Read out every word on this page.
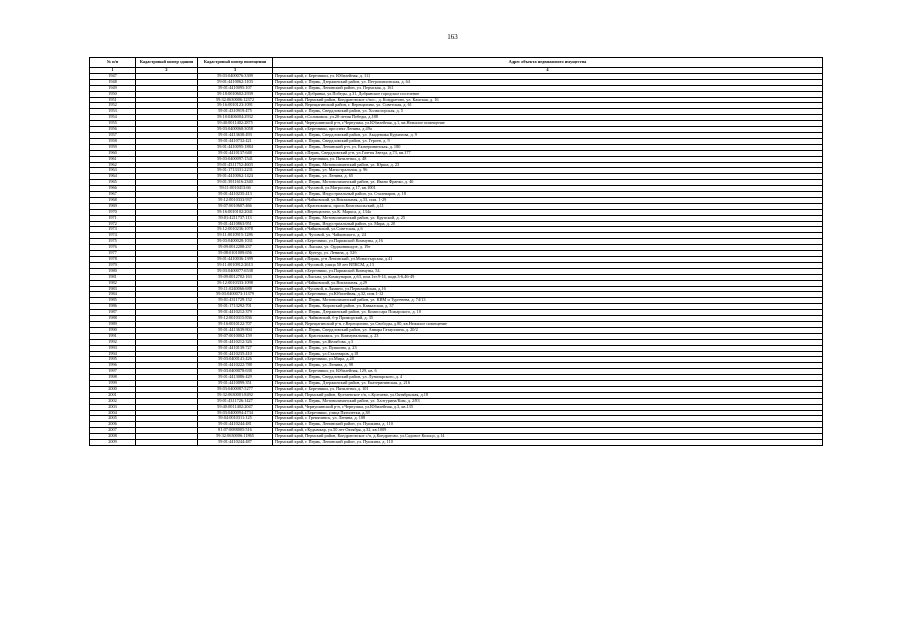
163
№ п/п	Кадастровый номер здания	Кадастровый номер помещения	Адрес объекта недвижимого имущества
1	2	3	4
1947		59:03:0400076:3309	Пермский край, г. Березники, ул. Юбилейная, д. 111
1948		59:01:4410062:1103	Пермский край, г. Пермь, Дзержинский район, ул. Петропавловская, д. 64
1949		59:01:4410095:107	Пермский край, г. Пермь, Ленинский район, ул. Пермская, д. 161
1950		59:18:0010602:2939	Пермский край, г.Добрянка, ул.Победы, д.31, Добрянское городское поселение
1951		59:32:0630006:12372	Пермский край, Пермский район, Кондратовское с/пос., д. Кондратово, ул. Камская, д. 16
1952		59:16:0010123:1091	Пермский край, Верещагинский район, г. Верещагино, ул. Советская, д. 61
1953		59:01:4310919:475	Пермский край, г. Пермь, Свердловский район, ул. Холмогорская, д. 5
1954		59:10:0406004:2932	Пермский край, г.Соликамск, ул.20-летия Победы, д.188
1955		59:40:0011402:2875	Пермский край, Чернушинский р-н, г.Чернушка, ул.Юбилейная, д.1, кв.Нежилое помещение
1956		59:03:0400068:3058	Пермский край, г.Березники, проспект Ленина, д.49а
1957		59:01:4413638:493	Пермский край, г. Пермь, Свердловский район, ул. Академика Курчатова, д. 9
1958		59:01:4410732:421	Пермский край, г. Пермь, Свердловский район, ул. Героев, д. 9
1959		59:01:4410095:1884	Пермский край, г. Пермь, Ленинский р-н, ул. Екатерининская, д. 180
1960		59:01:4410137:648	Пермский край, г.Пермь, Свердловский р-н, ул.Газеты Звезда, д.73, кв.177
1961		59:03:0400097:1541	Пермский край, г. Березники, ул. Пятилетки, д. 48
1962		59:01:4311752:4603	Пермский край, г. Пермь, Мотовилихинский район, ул. Юрша, д. 23
1963		59:01:1713331:2231	Пермский край, г. Пермь, ул. Магистральная, д. 96
1964		59:01:4410062:1424	Пермский край, г. Пермь, ул. Ленина, д. 65
1965		59:01:3911616:2340	Пермский край, г. Пермь, Мотовилихинский район, ул. Ивана Франко, д. 46
1966		59:11:0010413:66	Пермский край, г.Чусовой, ул.Матросова, д.17, кв.1001
1967		59:01:4410235:413	Пермский край, г. Пермь, Индустриальный район, ул. Сталеваров, д. 18
1968		59:12:0010333:937	Пермский край, г.Чайковский, ул.Вокзальная, д.33, пом. 1-29
1969		59:07:0010607:466	Пермский край, г.Краснокамск, просп.Комсомольский, д.11
1970		59:16:0010102:2041	Пермский край, г.Верещагино, ул.К. Маркса, д. 134а
1971		59:01:4211737:113	Пермский край, г. Пермь, Мотовилихинский район, ул. Крупской, д. 25
1972		59:01:4410863:951	Пермский край, г. Пермь, Индустриальный район, ул. Мира, д. 20
1973		59:12:0010236:1078	Пермский край, г.Чайковский, ул.Советская, д.6
1974		59:11:0010915:1286	Пермский край, г. Чусовой, ул. Чайковского, д. 24
1975		59:03:0400028:1031	Пермский край, г.Березники, ул.Парижской Коммуны, д.16
1976		59:09:0012208:237	Пермский край, г. Лысьва, ул. Орджоникидзе, д. 19е
1977		59:08:0101009:656	Пермский край, г. Кунгур, ул. Ленина, д. 52б
1978		59:01:4410036:1399	Пермский край, г.Пермь, р-н Ленинский, ул.Монастырская, д.41
1979		59:11:0010912:2613	Пермский край, г.Чусовой, улица 50 лет ВЛКСМ, д.13
1980		59:03:0400077:6538	Пермский край, г.Березники, ул.Парижской Коммуны, 54.
1981		59:09:0012702:163	Пермский край, г.Лысьва, ул.Коммунаров, д.63, пом.1эт.9-14, подв.3-6,46-49
1982		59:12:0010333:1098	Пермский край, г.Чайковский, ул.Вокзальная, д.29
1983		59:11:0240066:688	Пермский край, г.Чусовой, п.Лямино, ул.Первомайская, д.16
1984		59:03:0400073:11379	Пермский край, г.Березники, ул.Юбилейная, д.32, пом.1-12
1985		59:01:4311729:152	Пермский край, г. Пермь, Мотовилихинский район, ул. КИМ и Тургенева, д. 74/13
1986		59:01:1713292:701	Пермский край, г. Пермь, Кировский район, ул. Кавказская, д. 37
1987		59:01:4410212:379	Пермский край, г. Пермь, Дзержинский район, ул. Комиссара Пожарского, д. 10
1988		59:12:0010315:836	Пермский край, г. Чайковский, б-р Приморский, д. 35
1989		59:16:0010122:707	Пермский край, Верещагинский р-н, г.Верещагино, ул.Свободы, д.80, кв.Нежилое помещение
1990		59:01:4413639:804	Пермский край, г. Пермь, Свердловский район, ул. Анвара Гатауллина, д. 20/2
1991		59:07:0010002:159	Пермский край, г. Краснокамск, ул. Коммунальная, д. 23
1992		59:01:4410212:326	Пермский край, г. Пермь, ул.Желябова, д.3
1993		59:01:4410139:727	Пермский край, г. Пермь, ул. Пушкина, д. 23
1994		59:01:4410235:410	Пермский край, г. Пермь, ул.Сталеваров, д.18
1995		59:03:0400141:426	Пермский край, г.Березники, ул.Мира, д.28
1996		59:01:4410222:788	Пермский край, г. Пермь, ул. Ленина, д. 98
1997		59:03:0400078:638	Пермский край, г. Березники, ул. Юбилейная, 129, кв. 6
1998		59:01:4413086:429	Пермский край, г. Пермь, Свердловский район, ул. Луначарского, д. 4
1999		59:01:4410099:351	Пермский край, г. Пермь, Дзержинский район, ул. Екатерининская, д. 216
2000		59:03:0400087:5277	Пермский край, г. Березники, ул. Пятилетки, д. 101
2001		59:32:0630001:8492	Пермский край, Пермский район, Култаевское с/п, с.Култаево, ул.Октябрьская, д.18
2002		59:01:4311726:1427	Пермский край, г. Пермь, Мотовилихинский район, ул. Халтурина/Ким, д. 2/83
2003		59:40:0011402:2047	Пермский край, Чернушинский р-н, г.Чернушка, ул.Юбилейная, д.3, кв.135
2004		59:03:0400094:4734	Пермский край, г.Березники, улица Пятилетки, д.38
2005		59:04:0010311:125	Пермский край, г. Гремячинск, ул. Ленина, д. 108
2006		59:01:4410244:481	Пермский край, г. Пермь, Ленинский район, ул. Пушкина, д. 110
2007		81:07:0088005:516	Пермский край, г.Кудымкар, ул.50 лет Октября, д.32, кв.1009
2008		59:32:0630006:11865	Пермский край, Пермский район, Кондратовское с/п, д.Кондратово, ул.Садовое Кольцо, д.14
2009		59:01:4410244:487	Пермский край, г. Пермь, Ленинский район, ул. Пушкина, д. 110
